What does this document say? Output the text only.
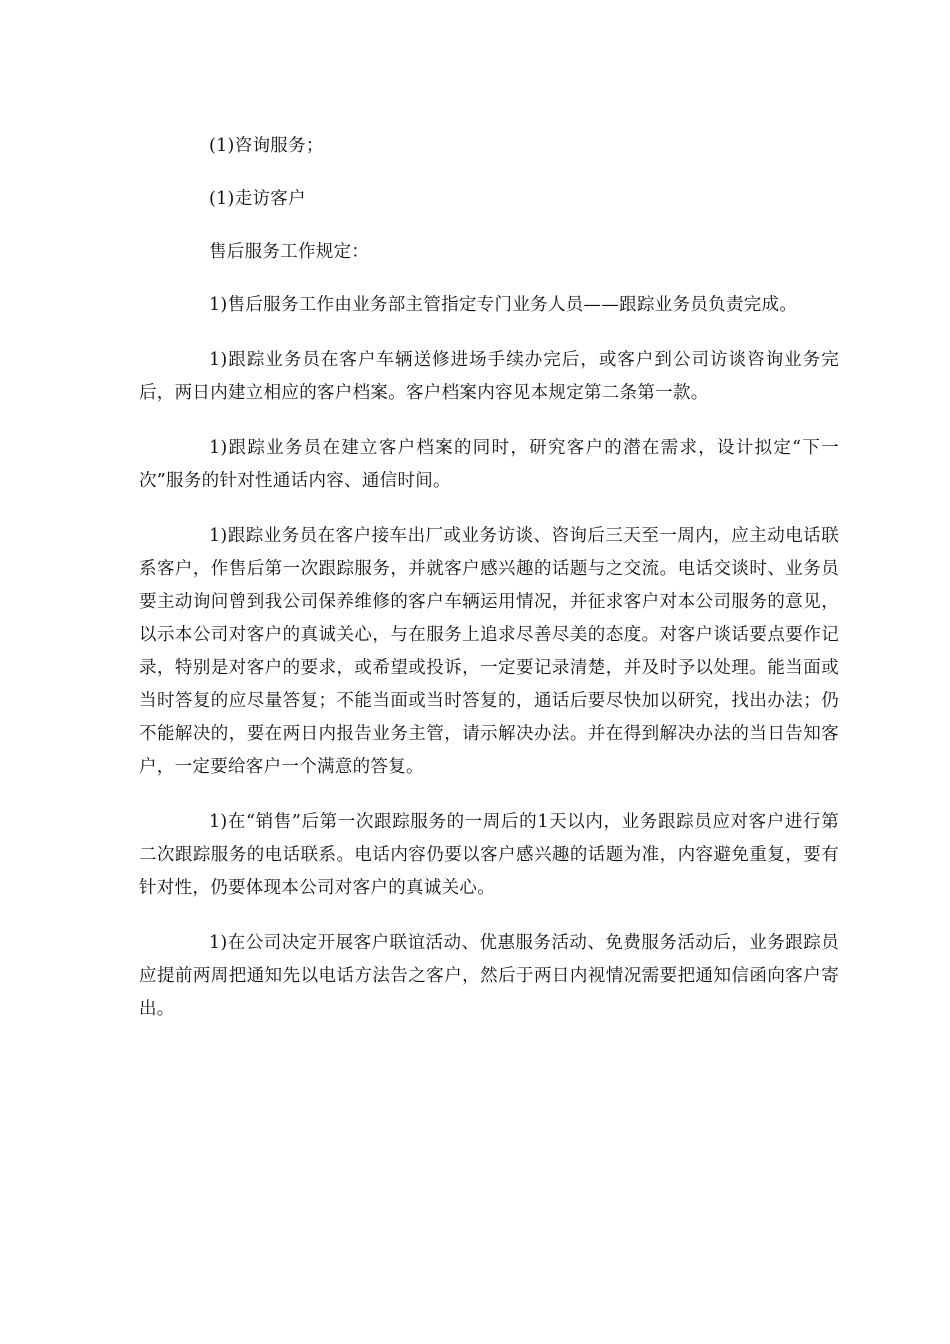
(1)咨询服务；

(1)走访客户

售后服务工作规定：

1)售后服务工作由业务部主管指定专门业务人员——跟踪业务员负责完成。

1)跟踪业务员在客户车辆送修进场手续办完后，或客户到公司访谈咨询业务完后，两日内建立相应的客户档案。客户档案内容见本规定第二条第一款。

1)跟踪业务员在建立客户档案的同时，研究客户的潜在需求，设计拟定“下一次”服务的针对性通话内容、通信时间。

1)跟踪业务员在客户接车出厂或业务访谈、咨询后三天至一周内，应主动电话联系客户，作售后第一次跟踪服务，并就客户感兴趣的话题与之交流。电话交谈时、业务员要主动询问曾到我公司保养维修的客户车辆运用情况，并征求客户对本公司服务的意见，以示本公司对客户的真诚关心，与在服务上追求尽善尽美的态度。对客户谈话要点要作记录，特别是对客户的要求，或希望或投诉，一定要记录清楚，并及时予以处理。能当面或当时答复的应尽量答复；不能当面或当时答复的，通话后要尽快加以研究，找出办法；仍不能解决的，要在两日内报告业务主管，请示解决办法。并在得到解决办法的当日告知客户，一定要给客户一个满意的答复。

1)在“销售”后第一次跟踪服务的一周后的1天以内，业务跟踪员应对客户进行第二次跟踪服务的电话联系。电话内容仍要以客户感兴趣的话题为准，内容避免重复，要有针对性，仍要体现本公司对客户的真诚关心。

1)在公司决定开展客户联谊活动、优惠服务活动、免费服务活动后，业务跟踪员应提前两周把通知先以电话方法告之客户，然后于两日内视情况需要把通知信函向客户寄出。
